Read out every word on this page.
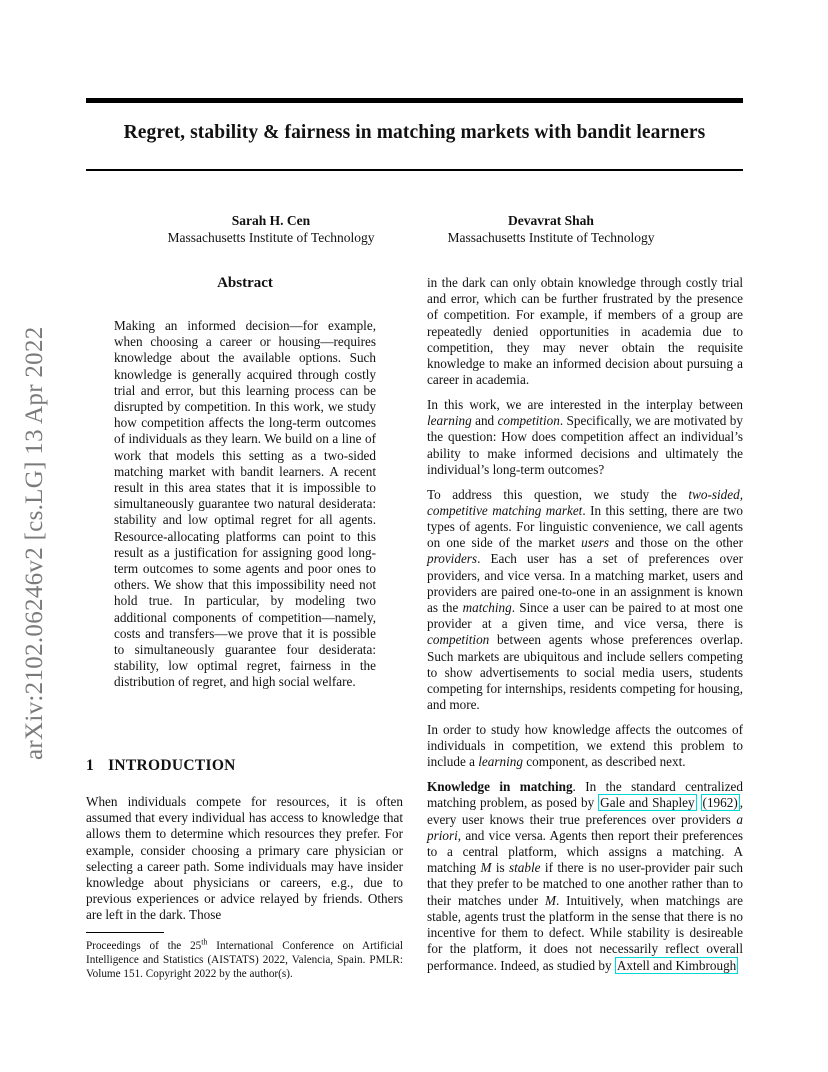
Regret, stability & fairness in matching markets with bandit learners
Sarah H. Cen
Massachusetts Institute of Technology
Devavrat Shah
Massachusetts Institute of Technology
arXiv:2102.06246v2 [cs.LG] 13 Apr 2022
Abstract
Making an informed decision—for example, when choosing a career or housing—requires knowledge about the available options. Such knowledge is generally acquired through costly trial and error, but this learning process can be disrupted by competition. In this work, we study how competition affects the long-term outcomes of individuals as they learn. We build on a line of work that models this setting as a two-sided matching market with bandit learners. A recent result in this area states that it is impossible to simultaneously guarantee two natural desiderata: stability and low optimal regret for all agents. Resource-allocating platforms can point to this result as a justification for assigning good long-term outcomes to some agents and poor ones to others. We show that this impossibility need not hold true. In particular, by modeling two additional components of competition—namely, costs and transfers—we prove that it is possible to simultaneously guarantee four desiderata: stability, low optimal regret, fairness in the distribution of regret, and high social welfare.
1 INTRODUCTION
When individuals compete for resources, it is often assumed that every individual has access to knowledge that allows them to determine which resources they prefer. For example, consider choosing a primary care physician or selecting a career path. Some individuals may have insider knowledge about physicians or careers, e.g., due to previous experiences or advice relayed by friends. Others are left in the dark. Those
Proceedings of the 25th International Conference on Artificial Intelligence and Statistics (AISTATS) 2022, Valencia, Spain. PMLR: Volume 151. Copyright 2022 by the author(s).

in the dark can only obtain knowledge through costly trial and error, which can be further frustrated by the presence of competition. For example, if members of a group are repeatedly denied opportunities in academia due to competition, they may never obtain the requisite knowledge to make an informed decision about pursuing a career in academia.

In this work, we are interested in the interplay between learning and competition. Specifically, we are motivated by the question: How does competition affect an individual’s ability to make informed decisions and ultimately the individual’s long-term outcomes?

To address this question, we study the two-sided, competitive matching market. In this setting, there are two types of agents. For linguistic convenience, we call agents on one side of the market users and those on the other providers. Each user has a set of preferences over providers, and vice versa. In a matching market, users and providers are paired one-to-one in an assignment is known as the matching. Since a user can be paired to at most one provider at a given time, and vice versa, there is competition between agents whose preferences overlap. Such markets are ubiquitous and include sellers competing to show advertisements to social media users, students competing for internships, residents competing for housing, and more.

In order to study how knowledge affects the outcomes of individuals in competition, we extend this problem to include a learning component, as described next.

Knowledge in matching. In the standard centralized matching problem, as posed by Gale and Shapley (1962) , every user knows their true preferences over providers a priori, and vice versa. Agents then report their preferences to a central platform, which assigns a matching. A matching M is stable if there is no user-provider pair such that they prefer to be matched to one another rather than to their matches under M. Intuitively, when matchings are stable, agents trust the platform in the sense that there is no incentive for them to defect. While stability is desireable for the platform, it does not necessarily reflect overall performance. Indeed, as studied by Axtell and Kimbrough
